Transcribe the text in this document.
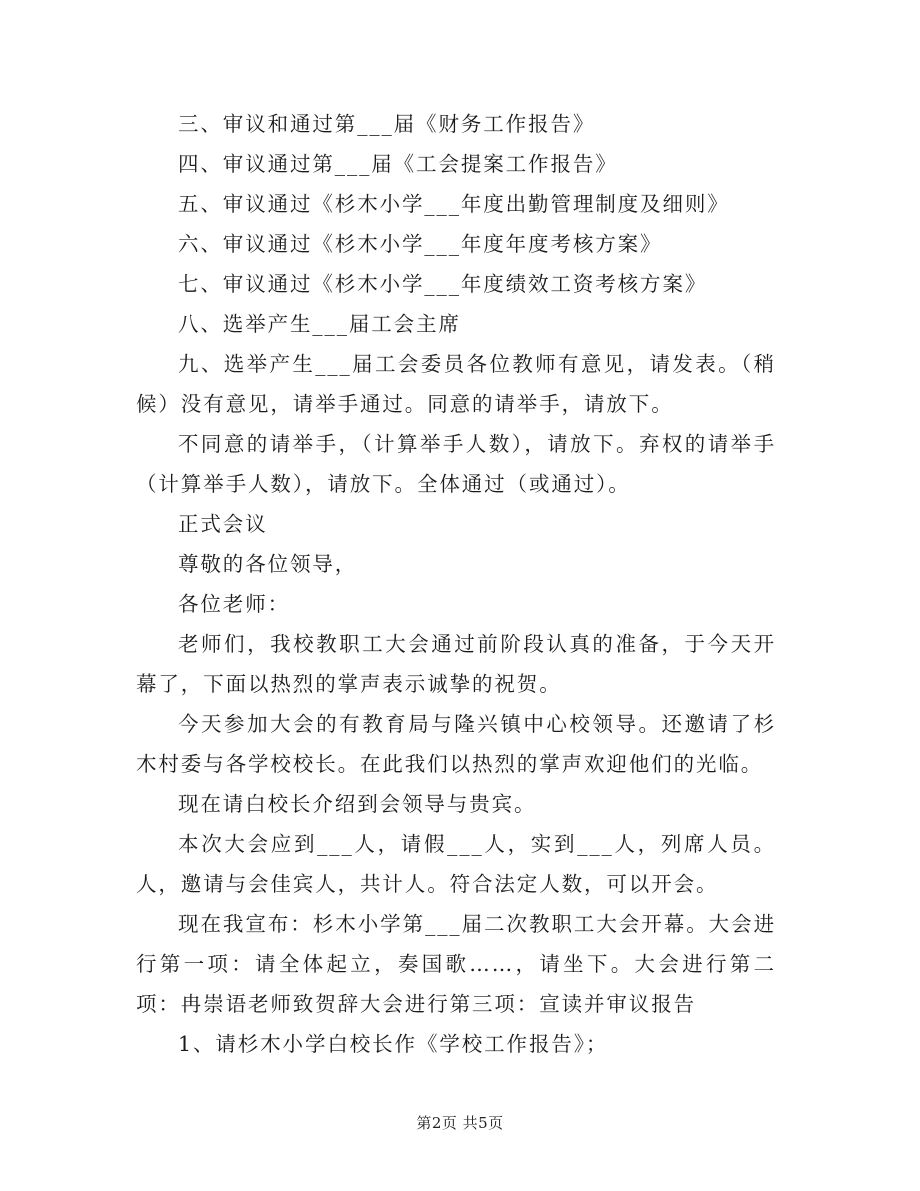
三、审议和通过第___届《财务工作报告》

四、审议通过第___届《工会提案工作报告》

五、审议通过《杉木小学___年度出勤管理制度及细则》

六、审议通过《杉木小学___年度年度考核方案》

七、审议通过《杉木小学___年度绩效工资考核方案》

八、选举产生___届工会主席

九、选举产生___届工会委员各位教师有意见，请发表。（稍候）没有意见，请举手通过。同意的请举手，请放下。

不同意的请举手，（计算举手人数），请放下。弃权的请举手（计算举手人数），请放下。全体通过（或通过）。

正式会议

尊敬的各位领导，

各位老师：

老师们，我校教职工大会通过前阶段认真的准备，于今天开幕了，下面以热烈的掌声表示诚挚的祝贺。

今天参加大会的有教育局与隆兴镇中心校领导。还邀请了杉木村委与各学校校长。在此我们以热烈的掌声欢迎他们的光临。

现在请白校长介绍到会领导与贵宾。

本次大会应到___人，请假___人，实到___人，列席人员。人，邀请与会佳宾人，共计人。符合法定人数，可以开会。

现在我宣布：杉木小学第___届二次教职工大会开幕。大会进行第一项：请全体起立，奏国歌……，请坐下。大会进行第二项：冉崇语老师致贺辞大会进行第三项：宣读并审议报告

1、请杉木小学白校长作《学校工作报告》；

第2页 共5页
